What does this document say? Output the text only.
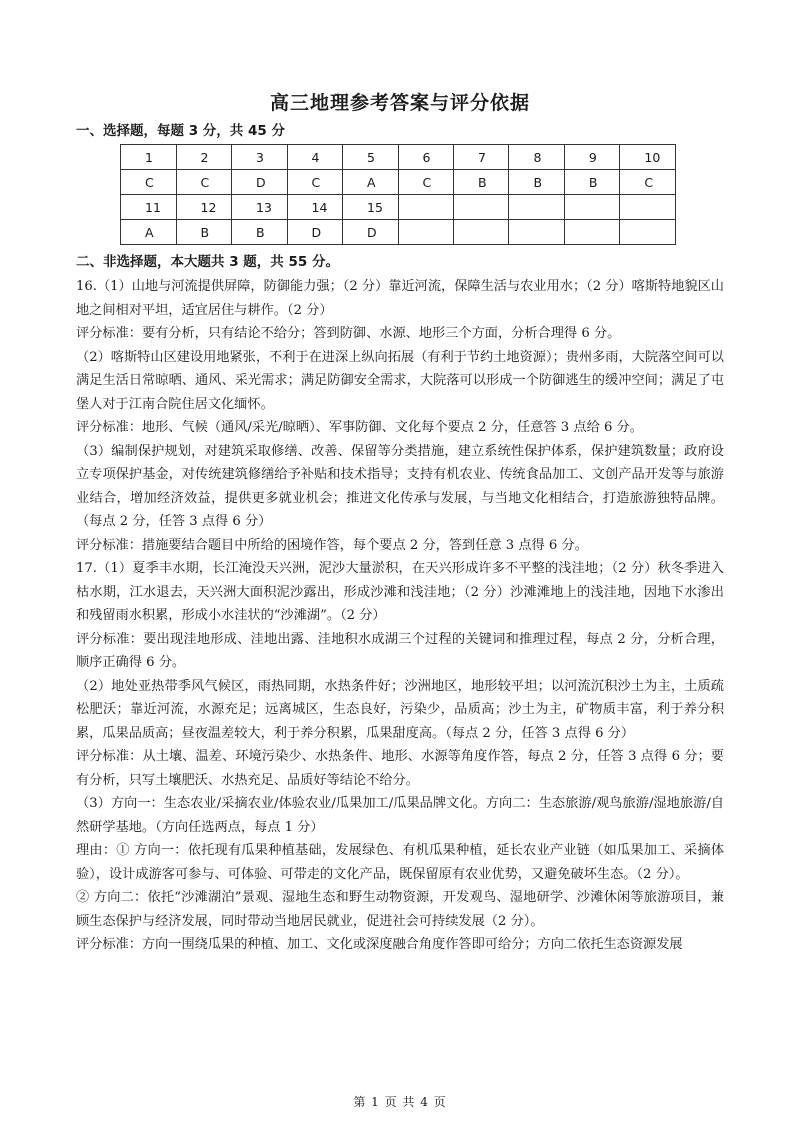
高三地理参考答案与评分依据
一、选择题，每题 3 分，共 45 分
1	2	3	4	5	6	7	8	9	10
C	C	D	C	A	C	B	B	B	C
11	12	13	14	15					
A	B	B	D	D					
二、非选择题，本大题共 3 题，共 55 分。

16.（1）山地与河流提供屏障，防御能力强；（2 分）靠近河流，保障生活与农业用水；（2 分）喀斯特地貌区山地之间相对平坦，适宜居住与耕作。（2 分）

评分标准：要有分析，只有结论不给分；答到防御、水源、地形三个方面，分析合理得 6 分。

（2）喀斯特山区建设用地紧张，不利于在进深上纵向拓展（有利于节约土地资源）；贵州多雨，大院落空间可以满足生活日常晾晒、通风、采光需求；满足防御安全需求，大院落可以形成一个防御逃生的缓冲空间；满足了屯堡人对于江南合院住居文化缅怀。

评分标准：地形、气候（通风/采光/晾晒）、军事防御、文化每个要点 2 分，任意答 3 点给 6 分。

（3）编制保护规划，对建筑采取修缮、改善、保留等分类措施，建立系统性保护体系，保护建筑数量；政府设立专项保护基金，对传统建筑修缮给予补贴和技术指导；支持有机农业、传统食品加工、文创产品开发等与旅游业结合，增加经济效益，提供更多就业机会；推进文化传承与发展，与当地文化相结合，打造旅游独特品牌。（每点 2 分，任答 3 点得 6 分）

评分标准：措施要结合题目中所给的困境作答，每个要点 2 分，答到任意 3 点得 6 分。

17.（1）夏季丰水期，长江淹没天兴洲，泥沙大量淤积，在天兴形成许多不平整的浅洼地；（2 分）秋冬季进入枯水期，江水退去，天兴洲大面积泥沙露出，形成沙滩和浅洼地；（2 分）沙滩滩地上的浅洼地，因地下水渗出和残留雨水积累，形成小水洼状的“沙滩湖”。（2 分）

评分标准：要出现洼地形成、洼地出露、洼地积水成湖三个过程的关键词和推理过程，每点 2 分，分析合理，顺序正确得 6 分。

（2）地处亚热带季风气候区，雨热同期，水热条件好；沙洲地区，地形较平坦；以河流沉积沙土为主，土质疏松肥沃；靠近河流，水源充足；远离城区，生态良好，污染少，品质高；沙土为主，矿物质丰富，利于养分积累，瓜果品质高；昼夜温差较大，利于养分积累，瓜果甜度高。（每点 2 分，任答 3 点得 6 分）

评分标准：从土壤、温差、环境污染少、水热条件、地形、水源等角度作答，每点 2 分，任答 3 点得 6 分；要有分析，只写土壤肥沃、水热充足、品质好等结论不给分。

（3）方向一：生态农业/采摘农业/体验农业/瓜果加工/瓜果品牌文化。方向二：生态旅游/观鸟旅游/湿地旅游/自然研学基地。（方向任选两点，每点 1 分）

理由：① 方向一：依托现有瓜果种植基础，发展绿色、有机瓜果种植，延长农业产业链（如瓜果加工、采摘体验），设计成游客可参与、可体验、可带走的文化产品，既保留原有农业优势，又避免破坏生态。（2 分）。

② 方向二：依托“沙滩湖泊”景观、湿地生态和野生动物资源，开发观鸟、湿地研学、沙滩休闲等旅游项目，兼顾生态保护与经济发展，同时带动当地居民就业，促进社会可持续发展（2 分）。

评分标准：方向一围绕瓜果的种植、加工、文化或深度融合角度作答即可给分；方向二依托生态资源发展

第 1 页 共 4 页
